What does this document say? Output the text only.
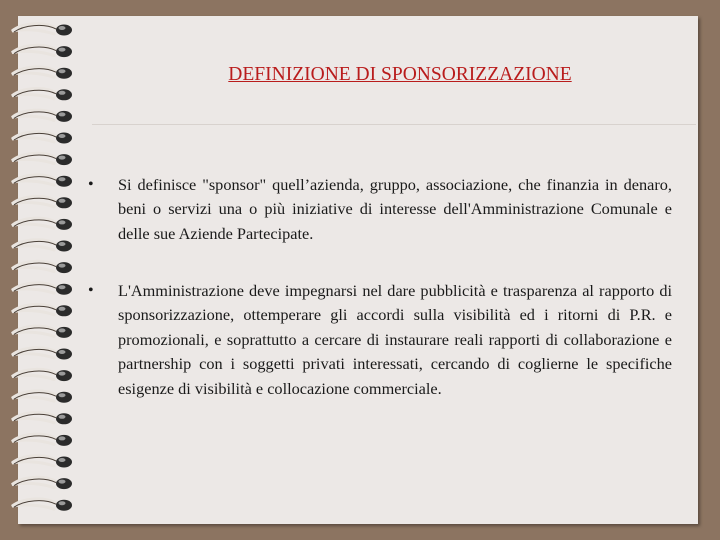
DEFINIZIONE DI SPONSORIZZAZIONE
• Si definisce "sponsor" quell’azienda, gruppo, associazione, che finanzia in denaro, beni o servizi una o più iniziative di interesse dell'Amministrazione Comunale e delle sue Aziende Partecipate.
• L'Amministrazione deve impegnarsi nel dare pubblicità e trasparenza al rapporto di sponsorizzazione, ottemperare gli accordi sulla visibilità ed i ritorni di P.R. e promozionali, e soprattutto a cercare di instaurare reali rapporti di collaborazione e partnership con i soggetti privati interessati, cercando di coglierne le specifiche esigenze di visibilità e collocazione commerciale.
